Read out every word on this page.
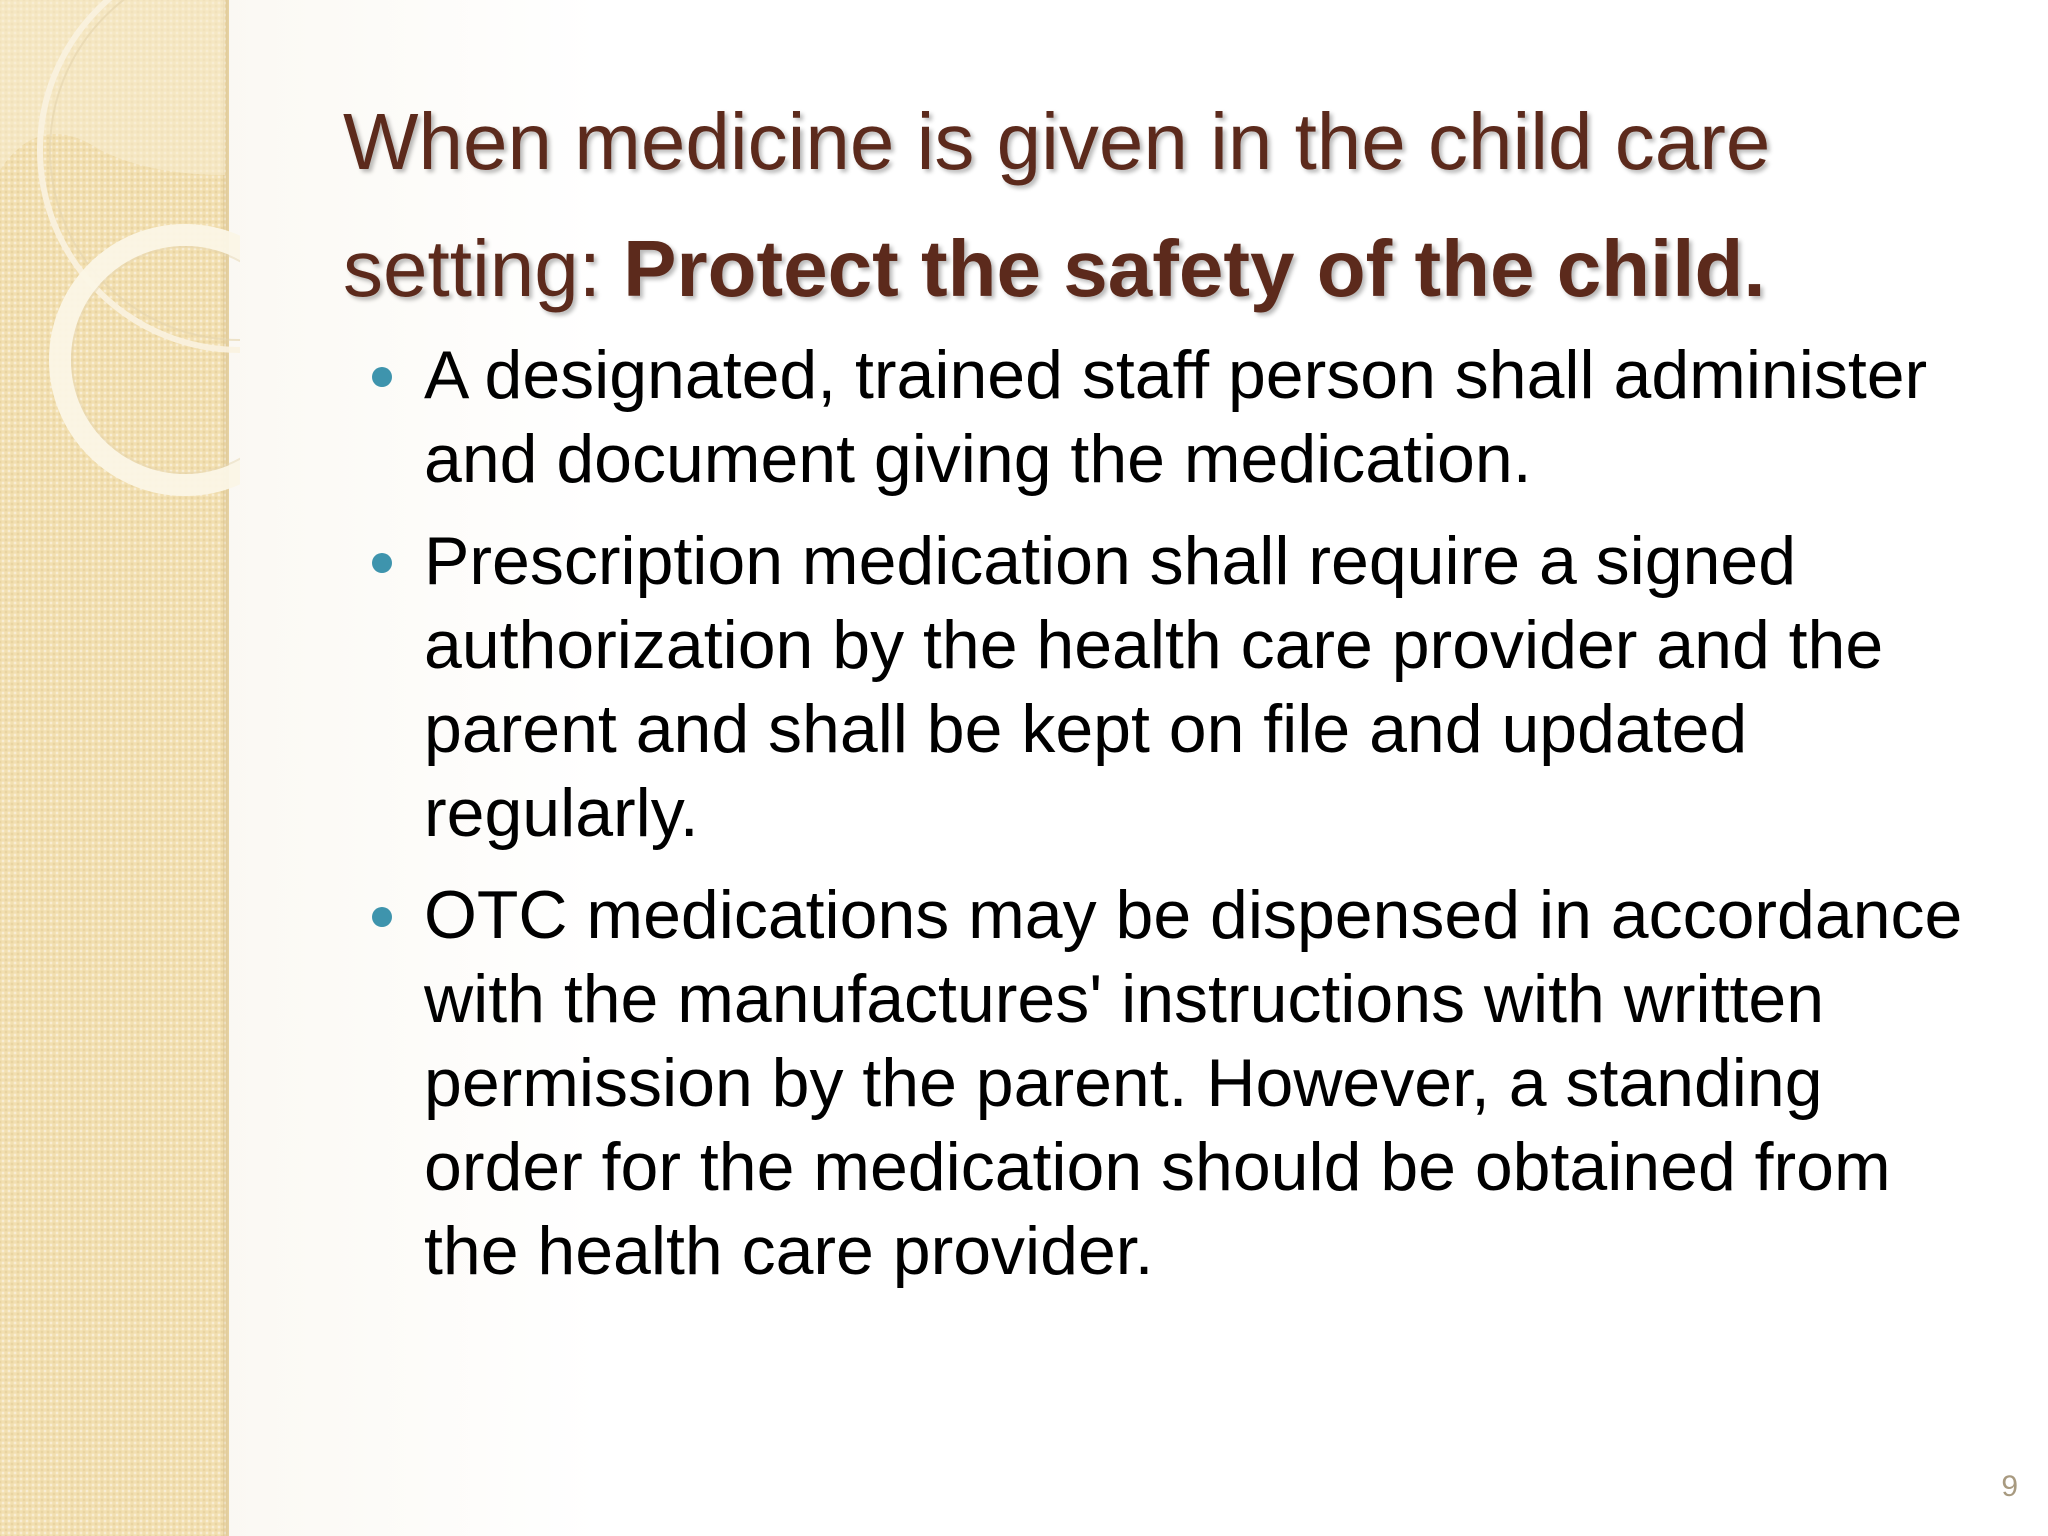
When medicine is given in the child care setting: Protect the safety of the child.
A designated, trained staff person shall administer and document giving the medication.
Prescription medication shall require a signed authorization by the health care provider and the parent and shall be kept on file and updated regularly.
OTC medications may be dispensed in accordance with the manufactures' instructions with written permission by the parent. However, a standing order for the medication should be obtained from the health care provider.
9
